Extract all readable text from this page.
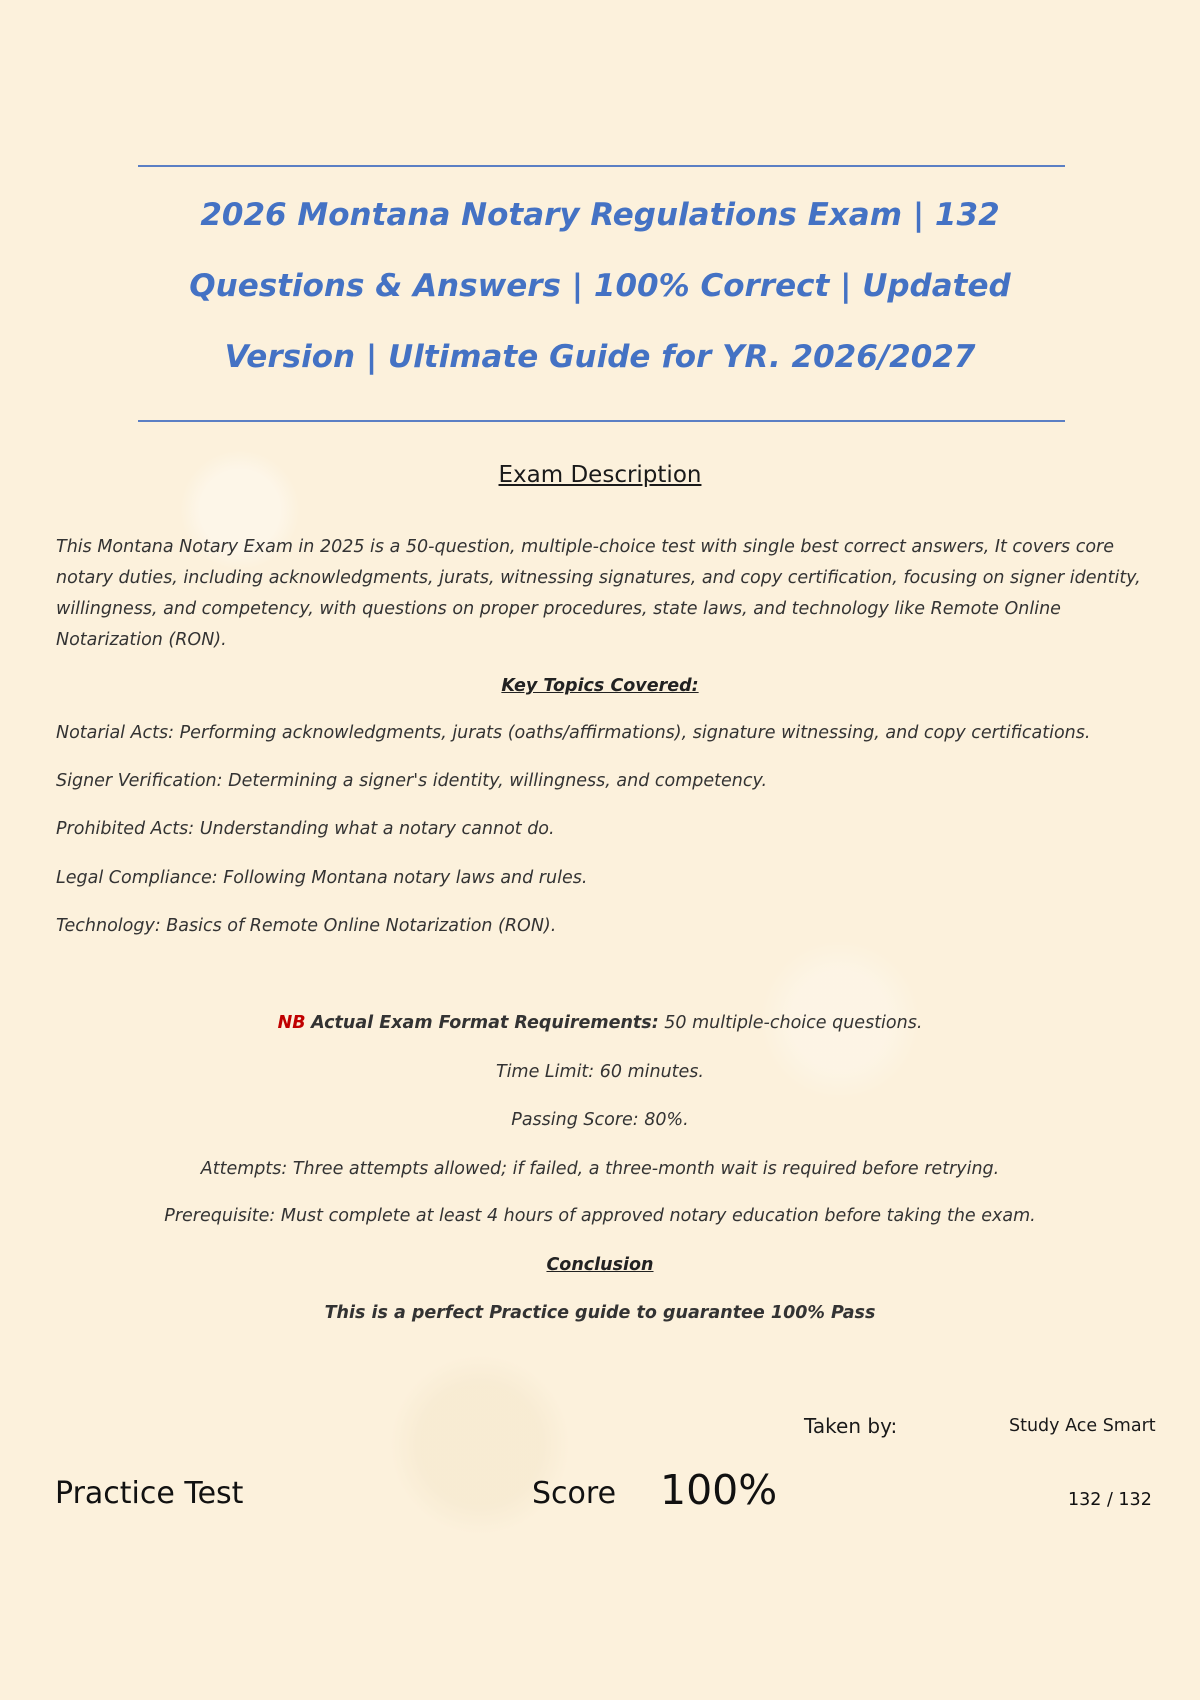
2026 Montana Notary Regulations Exam | 132 Questions & Answers | 100% Correct | Updated Version | Ultimate Guide for YR. 2026/2027
Exam Description

This Montana Notary Exam in 2025 is a 50-question, multiple-choice test with single best correct answers, It covers core notary duties, including acknowledgments, jurats, witnessing signatures, and copy certification, focusing on signer identity, willingness, and competency, with questions on proper procedures, state laws, and technology like Remote Online Notarization (RON).

Key Topics Covered:
Notarial Acts: Performing acknowledgments, jurats (oaths/affirmations), signature witnessing, and copy certifications.
Signer Verification: Determining a signer's identity, willingness, and competency.
Prohibited Acts: Understanding what a notary cannot do.
Legal Compliance: Following Montana notary laws and rules.
Technology: Basics of Remote Online Notarization (RON).
NB Actual Exam Format Requirements: 50 multiple-choice questions.
Time Limit: 60 minutes.
Passing Score: 80%.
Attempts: Three attempts allowed; if failed, a three-month wait is required before retrying.
Prerequisite: Must complete at least 4 hours of approved notary education before taking the exam.
Conclusion
This is a perfect Practice guide to guarantee 100% Pass
Taken by:	Study Ace Smart
Practice Test	Score 100%	132 / 132
